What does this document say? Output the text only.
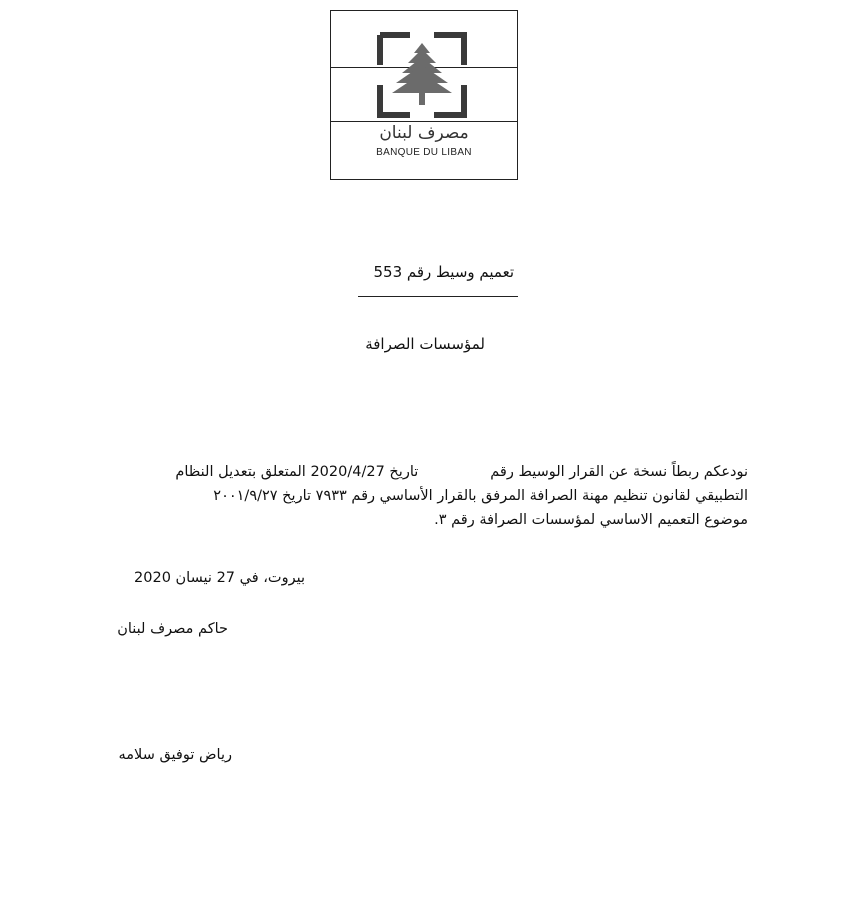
مصرف لبنان
BANQUE DU LIBAN
تعميم وسيط رقم 553
لمؤسسات الصرافة
نودعكم ربطاً نسخة عن القرار الوسيط رقمتاريخ 2020/4/27 المتعلق بتعديل النظام
التطبيقي لقانون تنظيم مهنة الصرافة المرفق بالقرار الأساسي رقم ٧٩٣٣ تاريخ ٢٠٠١/٩/٢٧
موضوع التعميم الاساسي لمؤسسات الصرافة رقم ٣.
بيروت، في 27 نيسان 2020
حاكم مصرف لبنان
رياض توفيق سلامه
